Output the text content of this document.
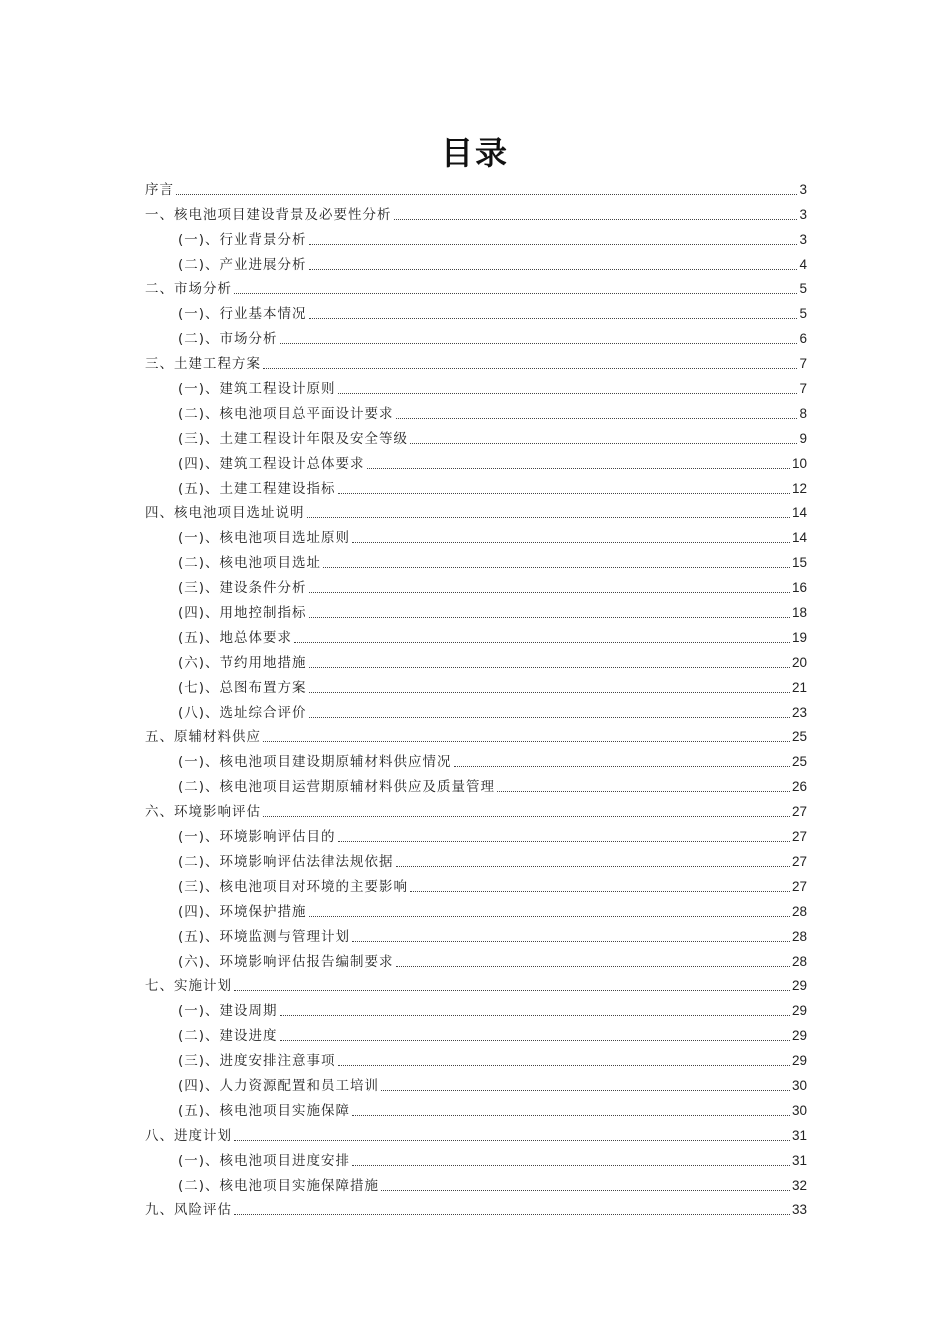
目录
序言	3
一、核电池项目建设背景及必要性分析	3
(一)、行业背景分析	3
(二)、产业进展分析	4
二、市场分析	5
(一)、行业基本情况	5
(二)、市场分析	6
三、土建工程方案	7
(一)、建筑工程设计原则	7
(二)、核电池项目总平面设计要求	8
(三)、土建工程设计年限及安全等级	9
(四)、建筑工程设计总体要求	10
(五)、土建工程建设指标	12
四、核电池项目选址说明	14
(一)、核电池项目选址原则	14
(二)、核电池项目选址	15
(三)、建设条件分析	16
(四)、用地控制指标	18
(五)、地总体要求	19
(六)、节约用地措施	20
(七)、总图布置方案	21
(八)、选址综合评价	23
五、原辅材料供应	25
(一)、核电池项目建设期原辅材料供应情况	25
(二)、核电池项目运营期原辅材料供应及质量管理	26
六、环境影响评估	27
(一)、环境影响评估目的	27
(二)、环境影响评估法律法规依据	27
(三)、核电池项目对环境的主要影响	27
(四)、环境保护措施	28
(五)、环境监测与管理计划	28
(六)、环境影响评估报告编制要求	28
七、实施计划	29
(一)、建设周期	29
(二)、建设进度	29
(三)、进度安排注意事项	29
(四)、人力资源配置和员工培训	30
(五)、核电池项目实施保障	30
八、进度计划	31
(一)、核电池项目进度安排	31
(二)、核电池项目实施保障措施	32
九、风险评估	33
